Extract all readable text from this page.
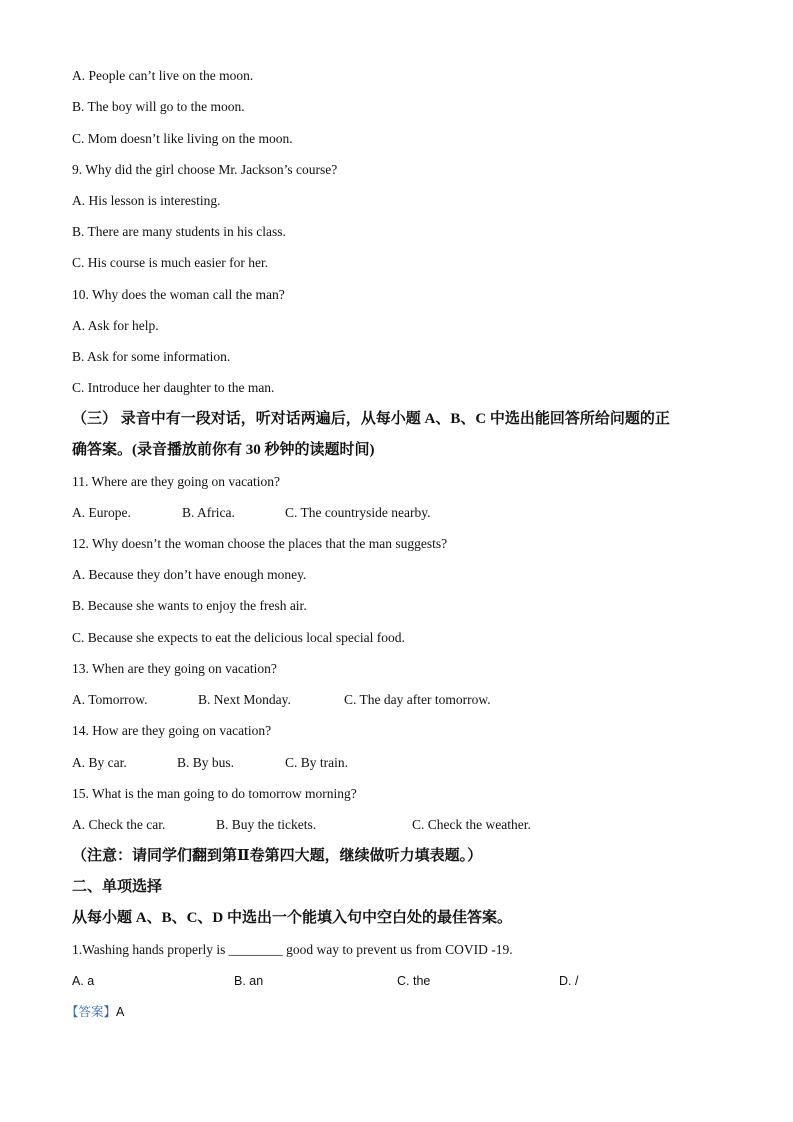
A. People can’t live on the moon.
B. The boy will go to the moon.
C. Mom doesn’t like living on the moon.
9. Why did the girl choose Mr. Jackson’s course?
A. His lesson is interesting.
B. There are many students in his class.
C. His course is much easier for her.
10. Why does the woman call the man?
A. Ask for help.
B. Ask for some information.
C. Introduce her daughter to the man.
（三） 录音中有一段对话，听对话两遍后，从每小题 A、B、C 中选出能回答所给问题的正
确答案。(录音播放前你有 30 秒钟的读题时间)
11. Where are they going on vacation?
A. Europe.	B. Africa.	C. The countryside nearby.
12. Why doesn’t the woman choose the places that the man suggests?
A. Because they don’t have enough money.
B. Because she wants to enjoy the fresh air.
C. Because she expects to eat the delicious local special food.
13. When are they going on vacation?
A. Tomorrow.	B. Next Monday.	C. The day after tomorrow.
14. How are they going on vacation?
A. By car.	B. By bus.	C. By train.
15. What is the man going to do tomorrow morning?
A. Check the car.	B. Buy the tickets.	C. Check the weather.
（注意：请同学们翻到第Ⅱ卷第四大题，继续做听力填表题。）
二、单项选择
从每小题 A、B、C、D 中选出一个能填入句中空白处的最佳答案。
1.Washing hands properly is ________ good way to prevent us from COVID -19.
A. a	B. an	C. the	D. /
【答案】A
